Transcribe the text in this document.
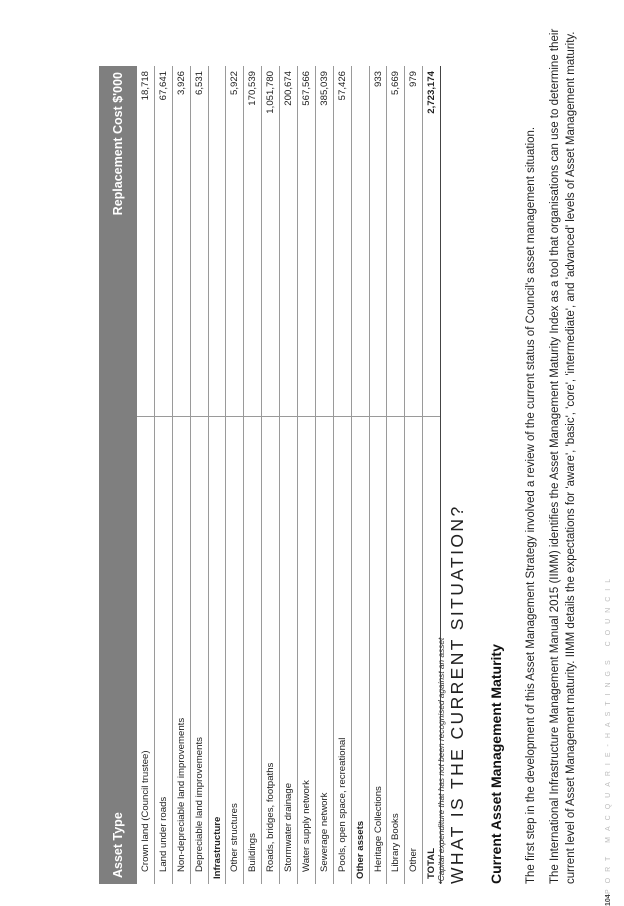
Asset Type	Replacement Cost $'000
Crown land (Council trustee)	18,718
Land under roads	67,641
Non-depreciable land improvements	3,926
Depreciable land improvements	6,531
Infrastructure	
Other structures	5,922
Buildings	170,539
Roads, bridges, footpaths	1,051,780
Stormwater drainage	200,674
Water supply network	567,566
Sewerage network	385,039
Pools, open space, recreational	57,426
Other assets	
Heritage Collections	933
Library Books	5,669
Other	979
TOTAL	2,723,174
¹Capital expenditure that has not been recognised against an asset WHAT IS THE CURRENT SITUATION? Current Asset Management Maturity The first step in the development of this Asset Management Strategy involved a review of the current status of Council's asset management situation. The International Infrastructure Management Manual 2015 (IIMM) identifies the Asset Management Maturity Index as a tool that organisations can use to determine their current level of Asset Management maturity. IIMM details the expectations for 'aware', 'basic', 'core', 'intermediate', and 'advanced' levels of Asset Management maturity.
104
PORT MACQUARIE-HASTINGS COUNCIL
